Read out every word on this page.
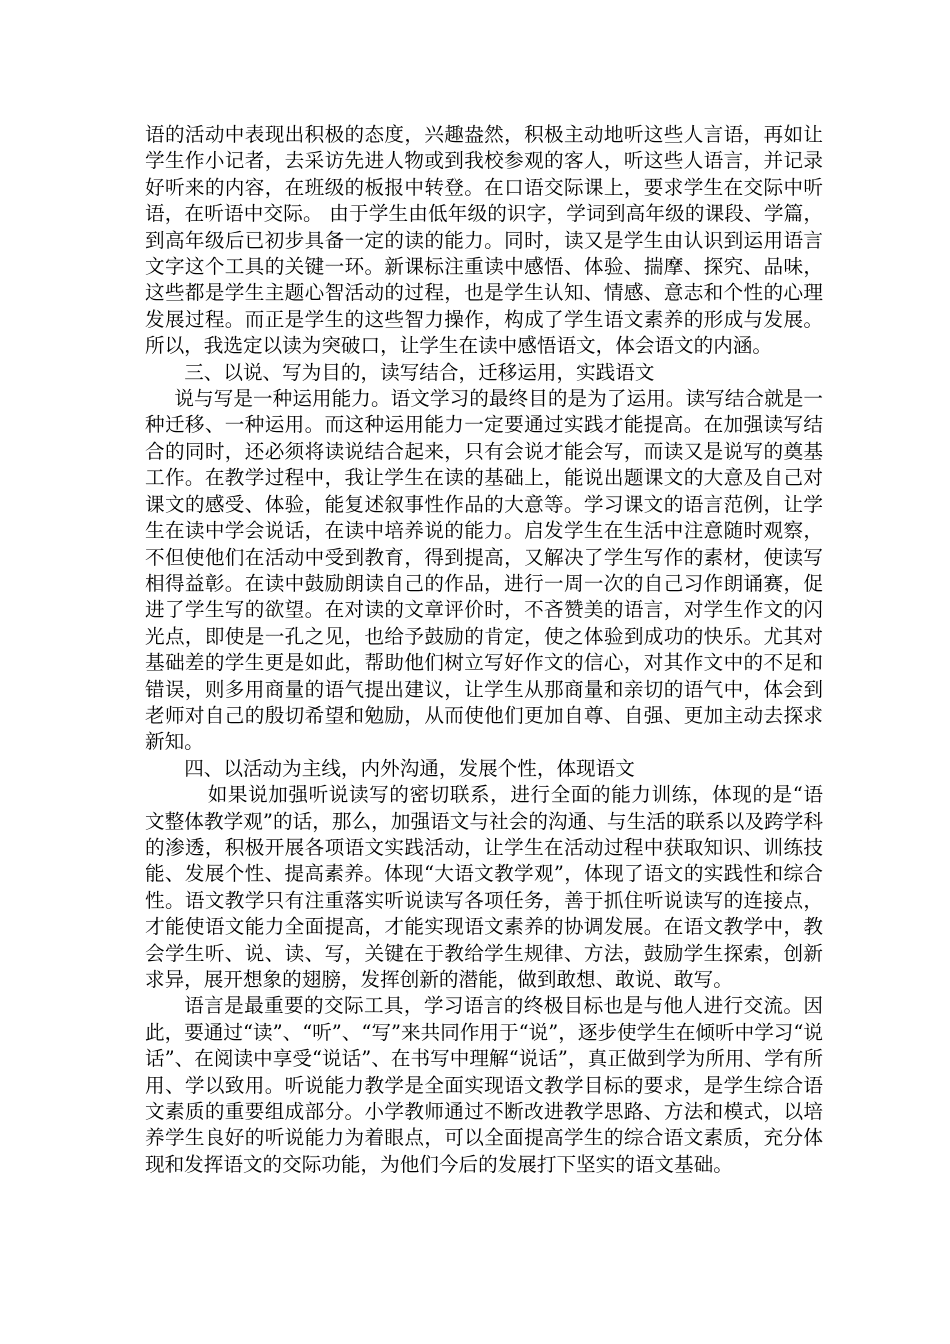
语的活动中表现出积极的态度，兴趣盎然，积极主动地听这些人言语，再如让学生作小记者，去采访先进人物或到我校参观的客人，听这些人语言，并记录好听来的内容，在班级的板报中转登。在口语交际课上，要求学生在交际中听语，在听语中交际。 由于学生由低年级的识字，学词到高年级的课段、学篇，到高年级后已初步具备一定的读的能力。同时，读又是学生由认识到运用语言文字这个工具的关键一环。新课标注重读中感悟、体验、揣摩、探究、品味，这些都是学生主题心智活动的过程，也是学生认知、情感、意志和个性的心理发展过程。而正是学生的这些智力操作，构成了学生语文素养的形成与发展。所以，我选定以读为突破口，让学生在读中感悟语文，体会语文的内涵。

三、以说、写为目的，读写结合，迁移运用，实践语文

说与写是一种运用能力。语文学习的最终目的是为了运用。读写结合就是一种迁移、一种运用。而这种运用能力一定要通过实践才能提高。在加强读写结合的同时，还必须将读说结合起来，只有会说才能会写，而读又是说写的奠基工作。在教学过程中，我让学生在读的基础上，能说出题课文的大意及自己对课文的感受、体验，能复述叙事性作品的大意等。学习课文的语言范例，让学生在读中学会说话，在读中培养说的能力。启发学生在生活中注意随时观察，不但使他们在活动中受到教育，得到提高，又解决了学生写作的素材，使读写相得益彰。在读中鼓励朗读自己的作品，进行一周一次的自己习作朗诵赛，促进了学生写的欲望。在对读的文章评价时，不吝赞美的语言，对学生作文的闪光点，即使是一孔之见，也给予鼓励的肯定，使之体验到成功的快乐。尤其对基础差的学生更是如此，帮助他们树立写好作文的信心，对其作文中的不足和错误，则多用商量的语气提出建议，让学生从那商量和亲切的语气中，体会到老师对自己的殷切希望和勉励，从而使他们更加自尊、自强、更加主动去探求新知。

四、以活动为主线，内外沟通，发展个性，体现语文

如果说加强听说读写的密切联系，进行全面的能力训练，体现的是“语文整体教学观”的话，那么，加强语文与社会的沟通、与生活的联系以及跨学科的渗透，积极开展各项语文实践活动，让学生在活动过程中获取知识、训练技能、发展个性、提高素养。体现“大语文教学观”，体现了语文的实践性和综合性。语文教学只有注重落实听说读写各项任务，善于抓住听说读写的连接点，才能使语文能力全面提高，才能实现语文素养的协调发展。在语文教学中，教会学生听、说、读、写，关键在于教给学生规律、方法，鼓励学生探索，创新求异，展开想象的翅膀，发挥创新的潜能，做到敢想、敢说、敢写。

语言是最重要的交际工具，学习语言的终极目标也是与他人进行交流。因此，要通过“读”、“听”、“写”来共同作用于“说”，逐步使学生在倾听中学习“说话”、在阅读中享受“说话”、在书写中理解“说话”，真正做到学为所用、学有所用、学以致用。听说能力教学是全面实现语文教学目标的要求，是学生综合语文素质的重要组成部分。小学教师通过不断改进教学思路、方法和模式，以培养学生良好的听说能力为着眼点，可以全面提高学生的综合语文素质，充分体现和发挥语文的交际功能，为他们今后的发展打下坚实的语文基础。
